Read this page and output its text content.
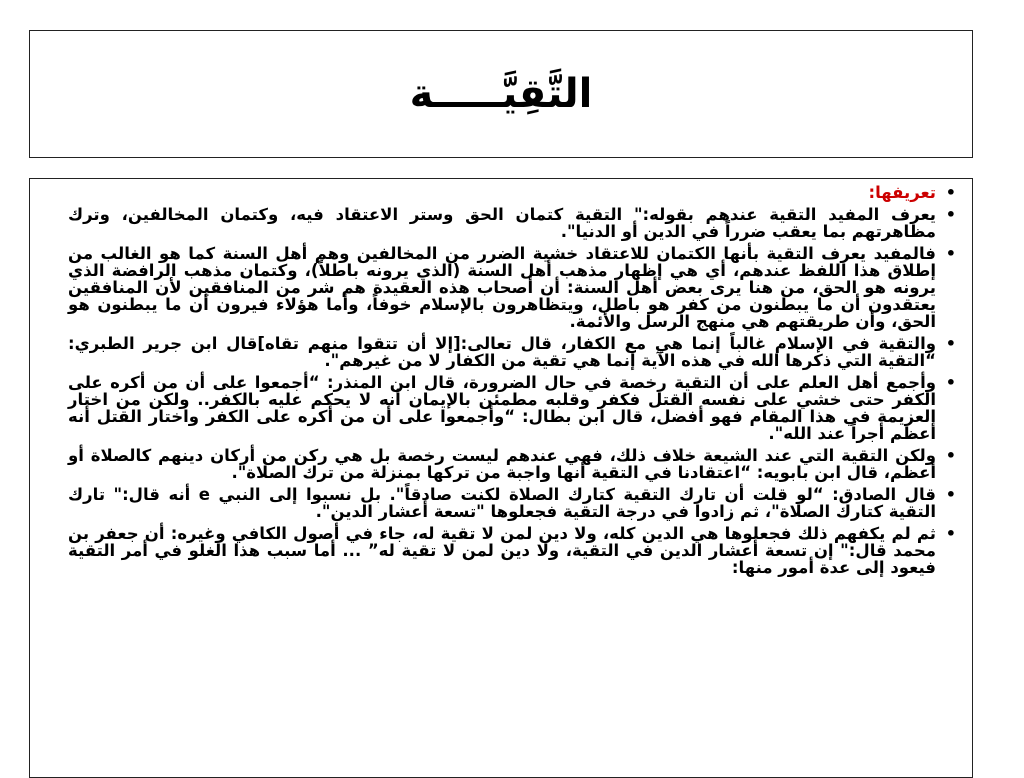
التَّقِيَّـــــة
• تعريفها:
• يعرف المفيد التقية عندهم بقوله:" التقية كتمان الحق وستر الاعتقاد فيه، وكتمان المخالفين، وترك مظاهرتهم بما يعقب ضرراً في الدين أو الدنيا".
• فالمفيد يعرف التقية بأنها الكتمان للاعتقاد خشية الضرر من المخالفين وهم أهل السنة كما هو الغالب من إطلاق هذا اللفظ عندهم، أي هي إظهار مذهب أهل السنة (الذي يرونه باطلاً)، وكتمان مذهب الرافضة الذي يرونه هو الحق، من هنا يرى بعض أهل السنة: أن أصحاب هذه العقيدة هم شر من المنافقين لأن المنافقين يعتقدون أن ما يبطنون من كفر هو باطل، ويتظاهرون بالإسلام خوفاً، وأما هؤلاء فيرون أن ما يبطنون هو الحق، وأن طريقتهم هي منهج الرسل والأئمة.
• والتقية في الإسلام غالباً إنما هي مع الكفار، قال تعالى:[إلا أن تتقوا منهم تقاه]قال ابن جرير الطبري: “التقية التي ذكرها الله في هذه الآية إنما هي تقية من الكفار لا من غيرهم".
• وأجمع أهل العلم على أن التقية رخصة في حال الضرورة، قال ابن المنذر: “أجمعوا على أن من أكره على الكفر حتى خشي على نفسه القتل فكفر وقلبه مطمئن بالإيمان أنه لا يحكم عليه بالكفر.. ولكن من اختار العزيمة في هذا المقام فهو أفضل، قال ابن بطال: “وأجمعوا على أن من أكره على الكفر واختار القتل أنه أعظم أجراً عند الله".
• ولكن التقية التي عند الشيعة خلاف ذلك، فهي عندهم ليست رخصة بل هي ركن من أركان دينهم كالصلاة أو أعظم، قال ابن بابويه: “اعتقادنا في التقية أنها واجبة من تركها بمنزلة من ترك الصلاة".
• قال الصادق: “لو قلت أن تارك التقية كتارك الصلاة لكنت صادقاً". بل نسبوا إلى النبي e أنه قال:" تارك التقية كتارك الصلاة"، ثم زادوا في درجة التقية فجعلوها "تسعة أعشار الدين".
• ثم لم يكفهم ذلك فجعلوها هي الدين كله، ولا دين لمن لا تقية له، جاء في أصول الكافي وغيره: أن جعفر بن محمد قال:" إن تسعة أعشار الدين في التقية، ولا دين لمن لا تقية له” ... أما سبب هذا الغلو في أمر التقية فيعود إلى عدة أمور منها:
